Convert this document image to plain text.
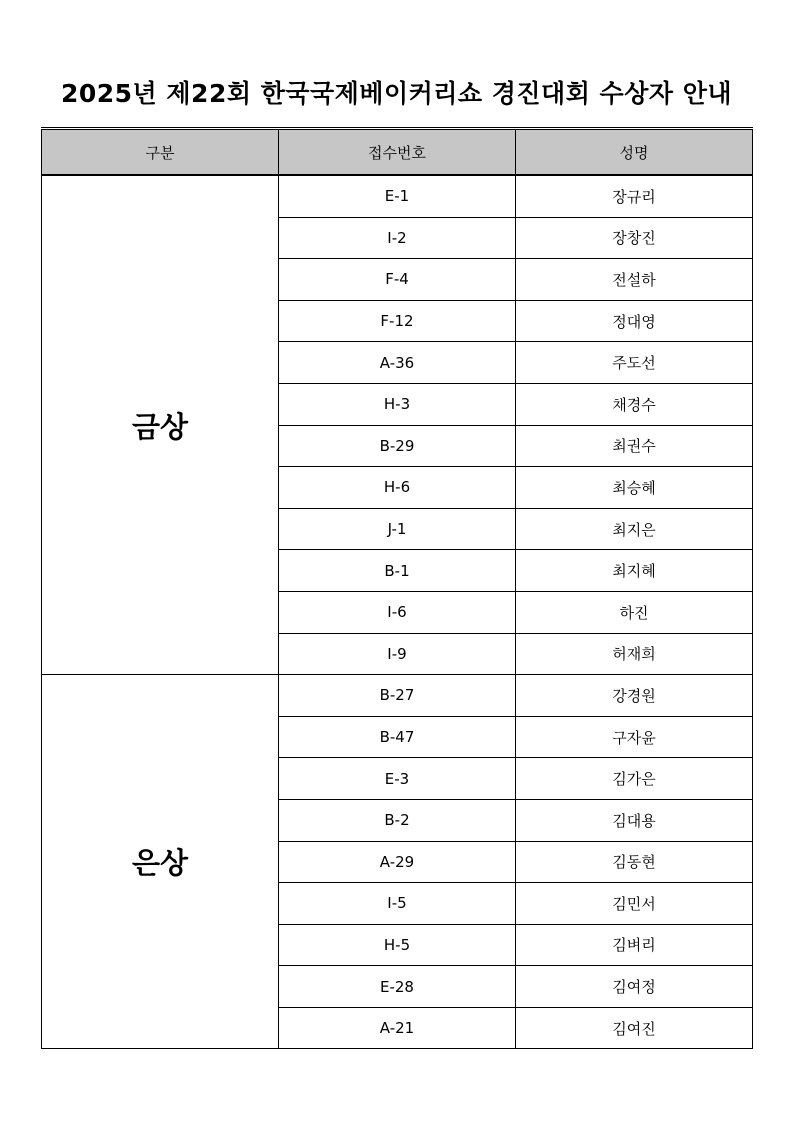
2025년 제22회 한국국제베이커리쇼 경진대회 수상자 안내
구분	접수번호	성명
금상	E-1	장규리
	I-2	장창진
	F-4	전설하
	F-12	정대영
	A-36	주도선
	H-3	채경수
	B-29	최권수
	H-6	최승혜
	J-1	최지은
	B-1	최지혜
	I-6	하진
	I-9	허재희
은상	B-27	강경원
	B-47	구자윤
	E-3	김가은
	B-2	김대용
	A-29	김동현
	I-5	김민서
	H-5	김벼리
	E-28	김여정
	A-21	김여진
